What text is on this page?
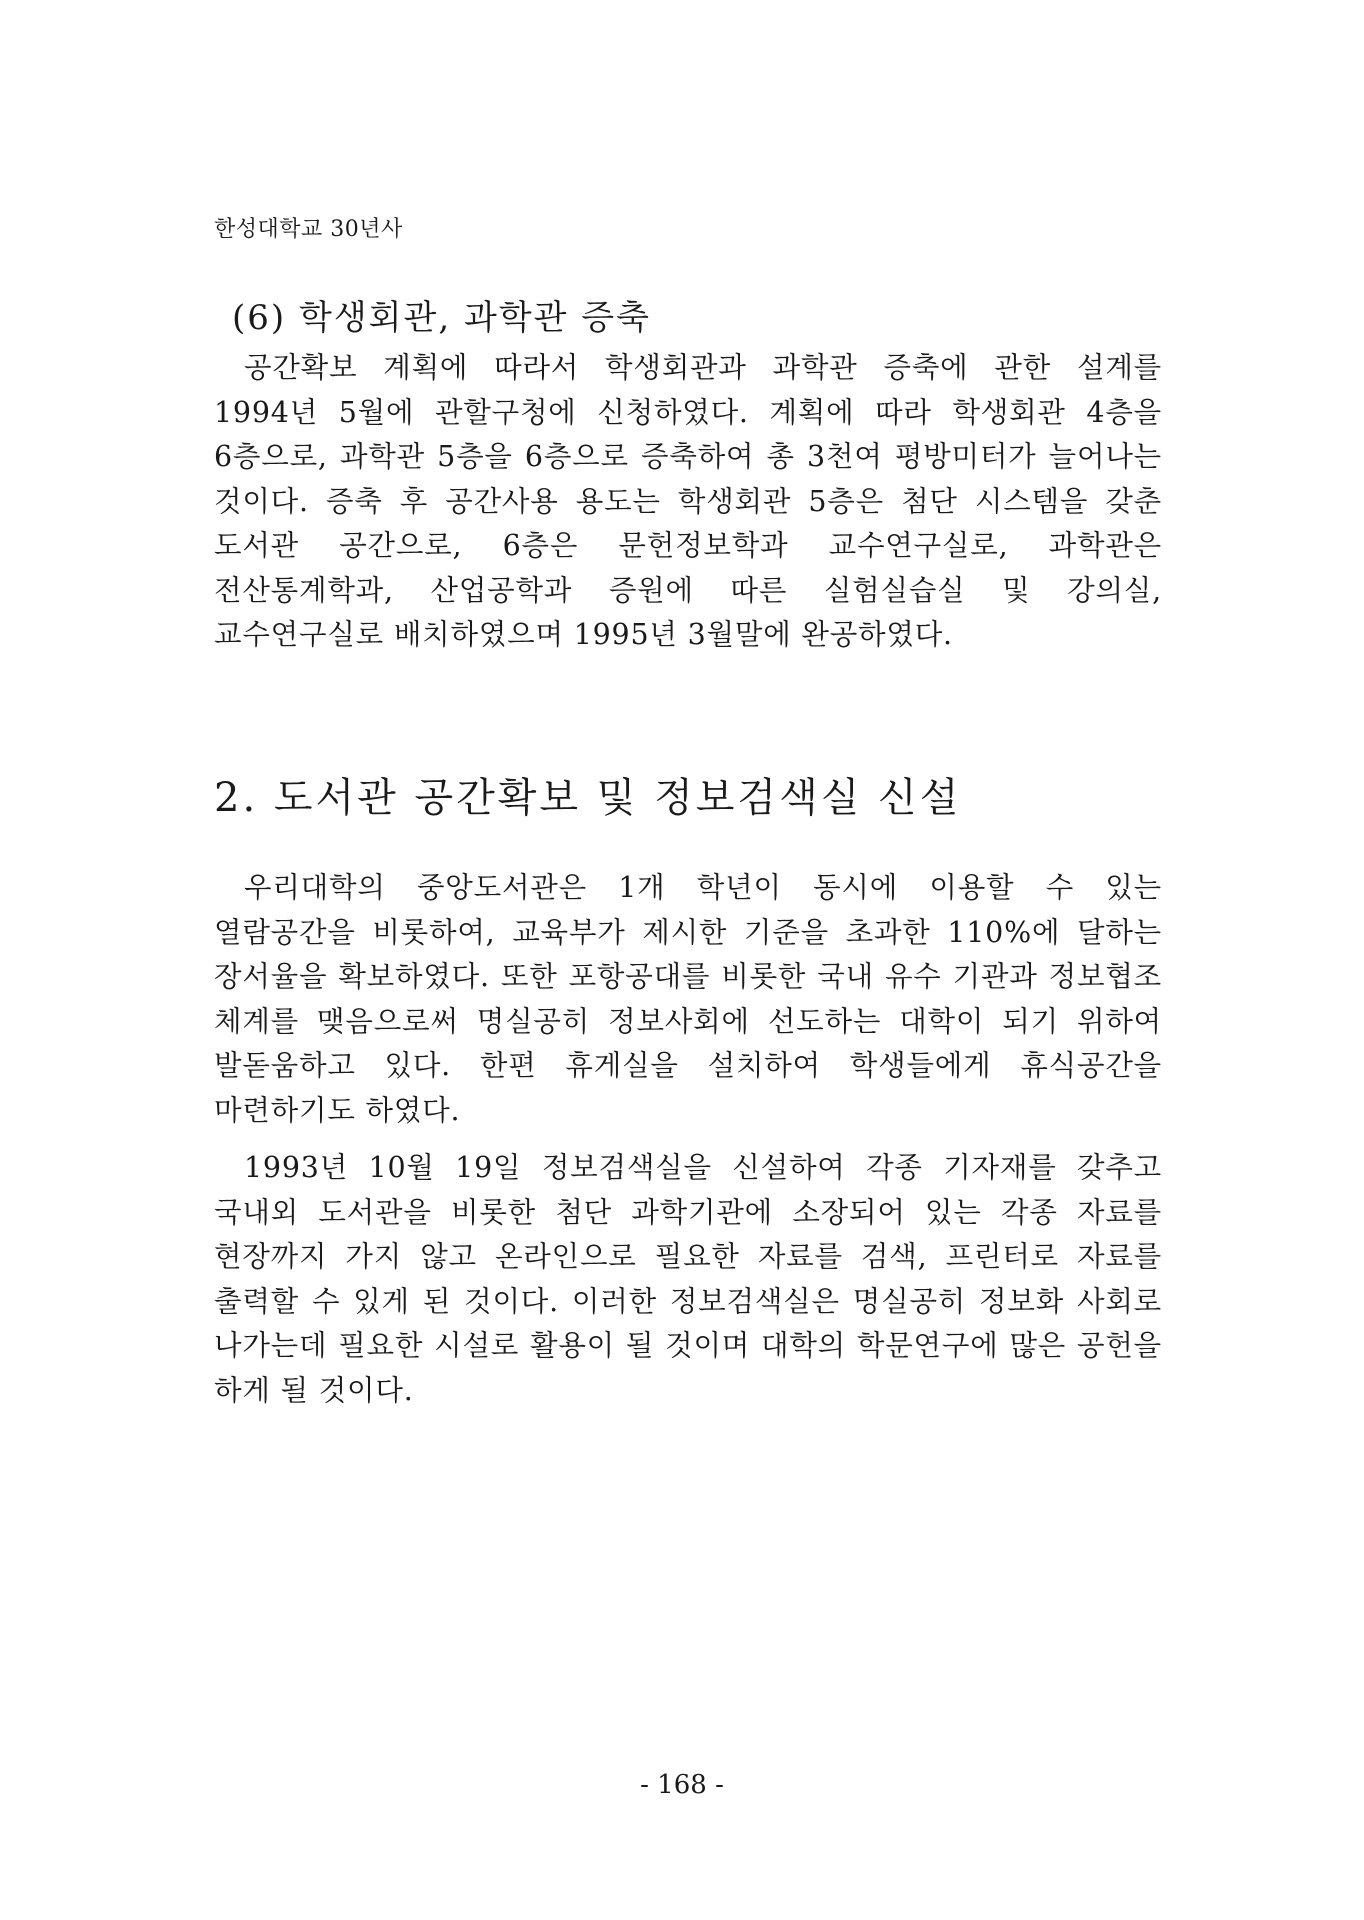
한성대학교 30년사
(6) 학생회관, 과학관 증축
공간확보 계획에 따라서 학생회관과 과학관 증축에 관한 설계를 1994년 5월에 관할구청에 신청하였다. 계획에 따라 학생회관 4층을 6층으로, 과학관 5층을 6층으로 증축하여 총 3천여 평방미터가 늘어나는 것이다. 증축 후 공간사용 용도는 학생회관 5층은 첨단 시스템을 갖춘 도서관 공간으로, 6층은 문헌정보학과 교수연구실로, 과학관은 전산통계학과, 산업공학과 증원에 따른 실험실습실 및 강의실, 교수연구실로 배치하였으며 1995년 3월말에 완공하였다.
2. 도서관 공간확보 및 정보검색실 신설
우리대학의 중앙도서관은 1개 학년이 동시에 이용할 수 있는 열람공간을 비롯하여, 교육부가 제시한 기준을 초과한 110%에 달하는 장서율을 확보하였다. 또한 포항공대를 비롯한 국내 유수 기관과 정보협조 체계를 맺음으로써 명실공히 정보사회에 선도하는 대학이 되기 위하여 발돋움하고 있다. 한편 휴게실을 설치하여 학생들에게 휴식공간을 마련하기도 하였다.
1993년 10월 19일 정보검색실을 신설하여 각종 기자재를 갖추고 국내외 도서관을 비롯한 첨단 과학기관에 소장되어 있는 각종 자료를 현장까지 가지 않고 온라인으로 필요한 자료를 검색, 프린터로 자료를 출력할 수 있게 된 것이다. 이러한 정보검색실은 명실공히 정보화 사회로 나가는데 필요한 시설로 활용이 될 것이며 대학의 학문연구에 많은 공헌을 하게 될 것이다.
- 168 -
